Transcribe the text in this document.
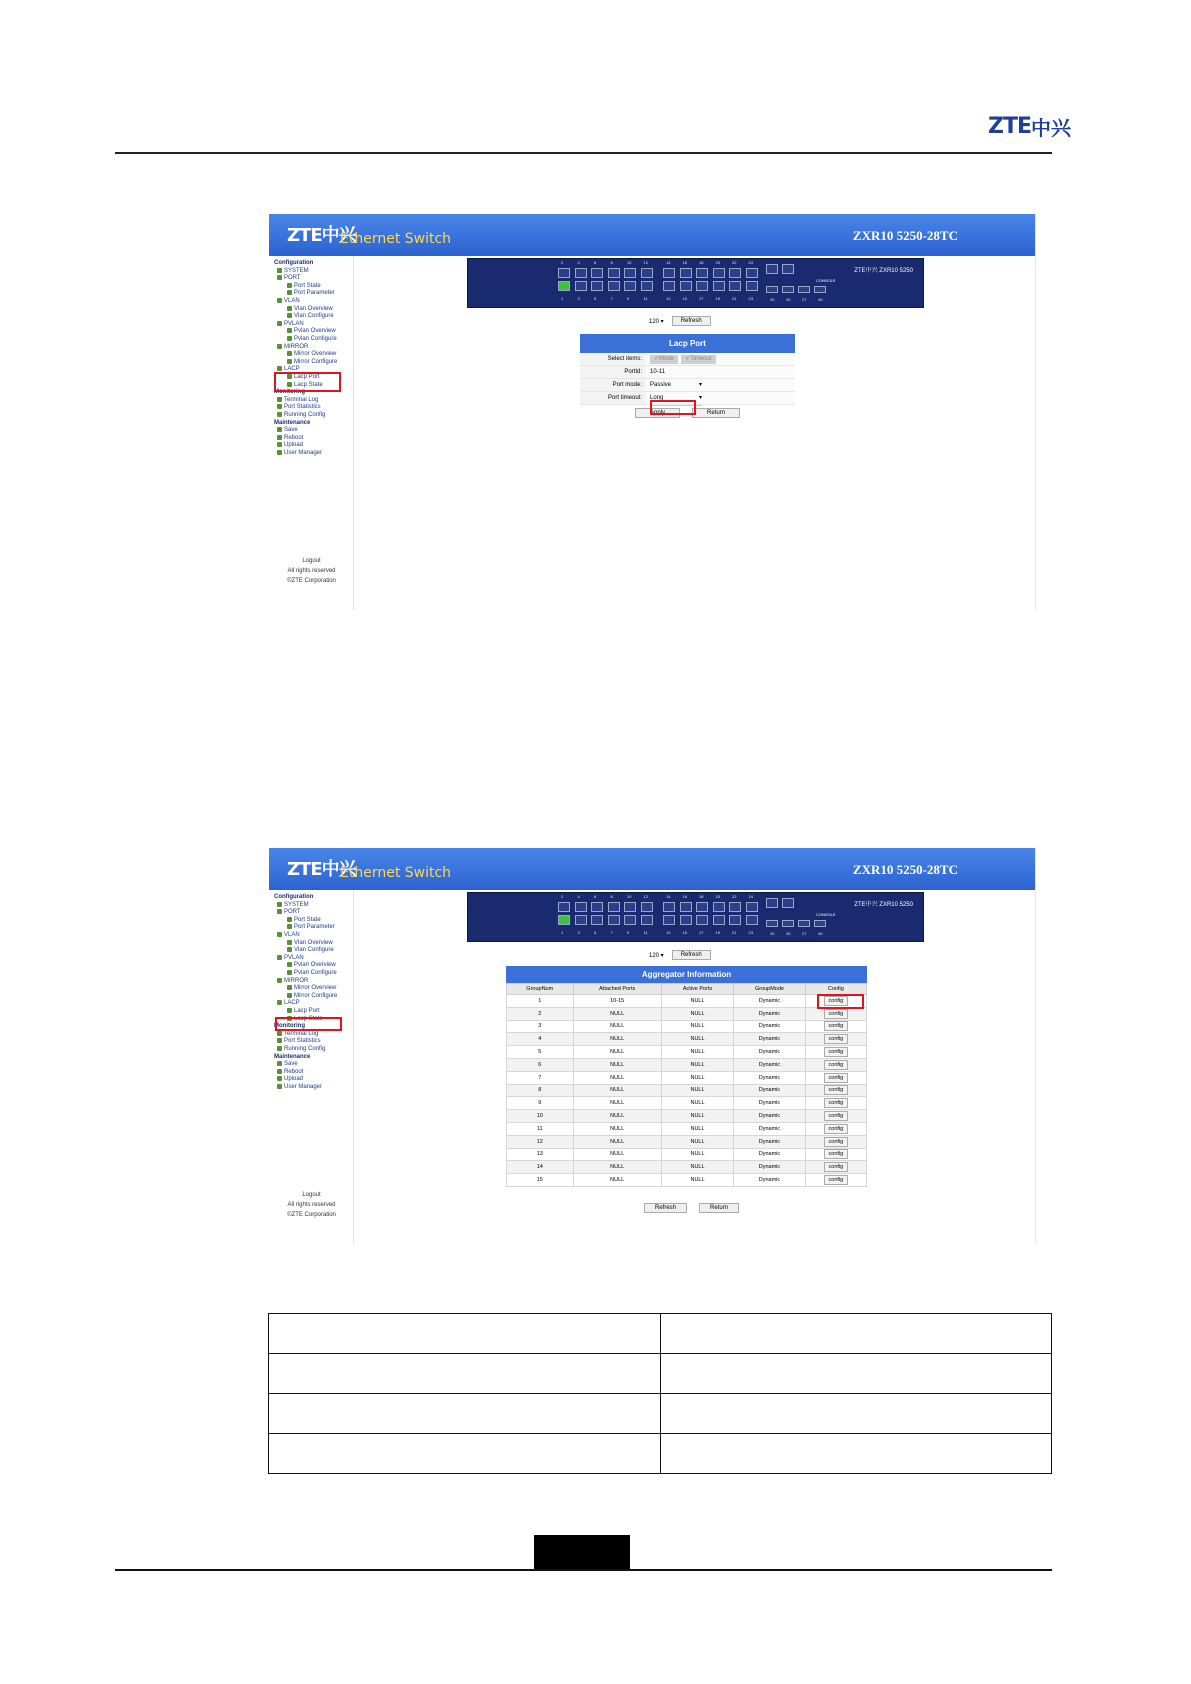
ZTE 中兴
ZTE中兴
Ethernet Switch	ZXR10 5250-28TC
Configuration
SYSTEM
PORT
Port State
Port Parameter
VLAN
Vlan Overview
Vlan Configure
PVLAN
Pvlan Overview
Pvlan Configure
MIRROR
Mirror Overview
Mirror Configure
LACP
Lacp Port
Lacp State
Monitoring
Terminal Log
Port Statistics
Running Config
Maintenance
Save
Reboot
Upload
User Manager
Logout
All rights reserved
©ZTE Corporation
2
1
4
3
6
5
8
7
10
9
12
11
14
13
16
15
18
17
20
19
22
21
24
23	25	26	27	28
CONSOLE
ZTE中兴 ZXR10 5250
120 ▾	Refresh
Lacp Port
Select items:	✓Mode ✓Timeout
PortId:	10-11
Port mode:	Passive	▾
Port timeout:	Long	▾
Apply	Return
ZTE中兴
Ethernet Switch	ZXR10 5250-28TC
Configuration
SYSTEM
PORT
Port State
Port Parameter
VLAN
Vlan Overview
Vlan Configure
PVLAN
Pvlan Overview
Pvlan Configure
MIRROR
Mirror Overview
Mirror Configure
LACP
Lacp Port
Lacp State
Monitoring
Terminal Log
Port Statistics
Running Config
Maintenance
Save
Reboot
Upload
User Manager
Logout
All rights reserved
©ZTE Corporation
2
1
4
3
6
5
8
7
10
9
12
11
14
13
16
15
18
17
20
19
22
21
24
23	25	26	27	28
CONSOLE
ZTE中兴 ZXR10 5250
120 ▾	Refresh
Aggregator Information
GroupNum	Attached Ports	Active Ports	GroupMode	Config
1	10-15	NULL	Dynamic	config
2	NULL	NULL	Dynamic	config
3	NULL	NULL	Dynamic	config
4	NULL	NULL	Dynamic	config
5	NULL	NULL	Dynamic	config
6	NULL	NULL	Dynamic	config
7	NULL	NULL	Dynamic	config
8	NULL	NULL	Dynamic	config
9	NULL	NULL	Dynamic	config
10	NULL	NULL	Dynamic	config
11	NULL	NULL	Dynamic	config
12	NULL	NULL	Dynamic	config
13	NULL	NULL	Dynamic	config
14	NULL	NULL	Dynamic	config
15	NULL	NULL	Dynamic	config
Refresh	Return
